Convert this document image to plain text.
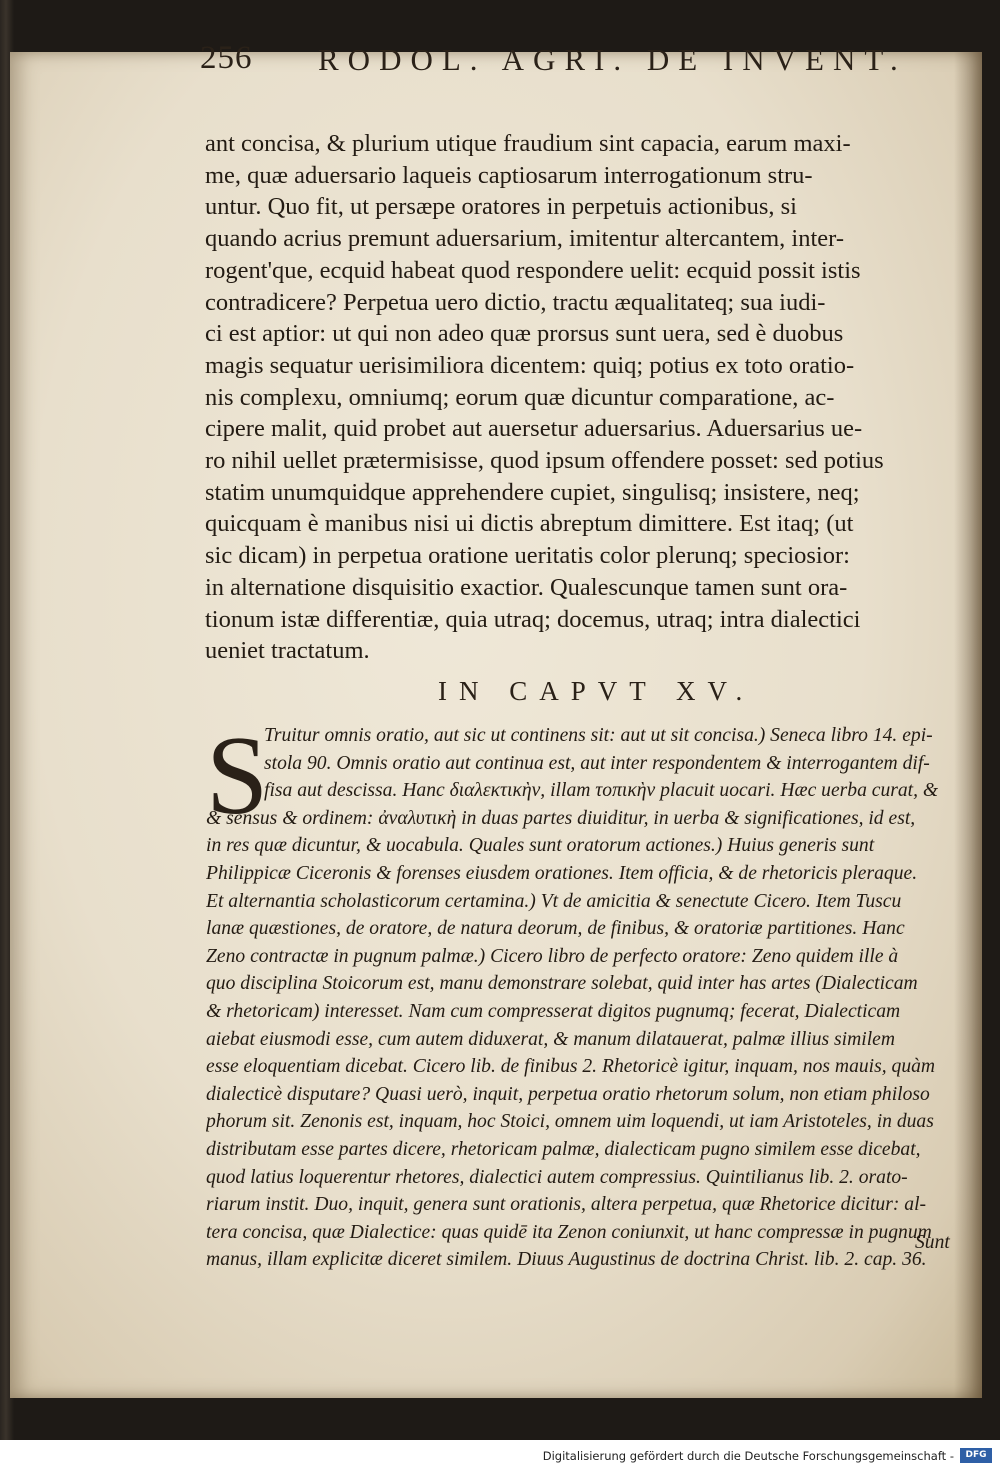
256 RODOL. AGRI. DE INVENT.
ant concisa, & plurium utique fraudium sint capacia, earum maxi-
me, quæ aduersario laqueis captiosarum interrogationum stru-
untur. Quo fit, ut persæpe oratores in perpetuis actionibus, si
quando acrius premunt aduersarium, imitentur altercantem, inter-
rogent'que, ecquid habeat quod respondere uelit: ecquid possit istis
contradicere? Perpetua uero dictio, tractu æqualitateq; sua iudi-
ci est aptior: ut qui non adeo quæ prorsus sunt uera, sed è duobus
magis sequatur uerisimiliora dicentem: quiq; potius ex toto oratio-
nis complexu, omniumq; eorum quæ dicuntur comparatione, ac-
cipere malit, quid probet aut auersetur aduersarius. Aduersarius ue-
ro nihil uellet prætermisisse, quod ipsum offendere posset: sed potius
statim unumquidque apprehendere cupiet, singulisq; insistere, neq;
quicquam è manibus nisi ui dictis abreptum dimittere. Est itaq; (ut
sic dicam) in perpetua oratione ueritatis color plerunq; speciosior:
in alternatione disquisitio exactior. Qualescunque tamen sunt ora-
tionum istæ differentiæ, quia utraq; docemus, utraq; intra dialectici
ueniet tractatum.
IN CAPVT XV.
S
Truitur omnis oratio, aut sic ut continens sit: aut ut sit concisa.) Seneca libro 14. epi-
stola 90. Omnis oratio aut continua est, aut inter respondentem & interrogantem dif-
fisa aut descissa. Hanc διαλεκτικὴν, illam τοπικὴν placuit uocari. Hæc uerba curat, &
& sensus & ordinem: ἀναλυτικὴ in duas partes diuiditur, in uerba & significationes, id est,
in res quæ dicuntur, & uocabula. Quales sunt oratorum actiones.) Huius generis sunt
Philippicæ Ciceronis & forenses eiusdem orationes. Item officia, & de rhetoricis pleraque.
Et alternantia scholasticorum certamina.) Vt de amicitia & senectute Cicero. Item Tuscu
lanæ quæstiones, de oratore, de natura deorum, de finibus, & oratoriæ partitiones. Hanc
Zeno contractæ in pugnum palmæ.) Cicero libro de perfecto oratore: Zeno quidem ille à
quo disciplina Stoicorum est, manu demonstrare solebat, quid inter has artes (Dialecticam
& rhetoricam) interesset. Nam cum compresserat digitos pugnumq; fecerat, Dialecticam
aiebat eiusmodi esse, cum autem diduxerat, & manum dilatauerat, palmæ illius similem
esse eloquentiam dicebat. Cicero lib. de finibus 2. Rhetoricè igitur, inquam, nos mauis, quàm
dialecticè disputare? Quasi uerò, inquit, perpetua oratio rhetorum solum, non etiam philoso
phorum sit. Zenonis est, inquam, hoc Stoici, omnem uim loquendi, ut iam Aristoteles, in duas
distributam esse partes dicere, rhetoricam palmæ, dialecticam pugno similem esse dicebat,
quod latius loquerentur rhetores, dialectici autem compressius. Quintilianus lib. 2. orato-
riarum instit. Duo, inquit, genera sunt orationis, altera perpetua, quæ Rhetorice dicitur: al-
tera concisa, quæ Dialectice: quas quidē ita Zenon coniunxit, ut hanc compressæ in pugnum
manus, illam explicitæ diceret similem. Diuus Augustinus de doctrina Christ. lib. 2. cap. 36.
Sunt
Digitalisierung gefördert durch die Deutsche Forschungsgemeinschaft -	DFG
